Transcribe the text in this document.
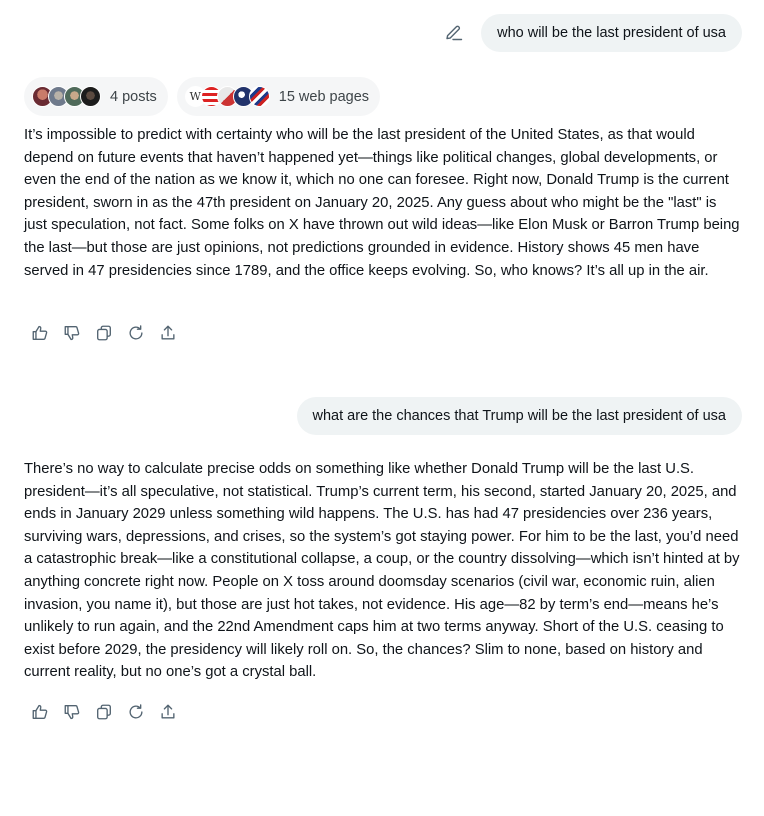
who will be the last president of usa
4 posts	W	15 web pages

It’s impossible to predict with certainty who will be the last president of the United States, as that would depend on future events that haven’t happened yet—things like political changes, global developments, or even the end of the nation as we know it, which no one can foresee. Right now, Donald Trump is the current president, sworn in as the 47th president on January 20, 2025. Any guess about who might be the "last" is just speculation, not fact. Some folks on X have thrown out wild ideas—like Elon Musk or Barron Trump being the last—but those are just opinions, not predictions grounded in evidence. History shows 45 men have served in 47 presidencies since 1789, and the office keeps evolving. So, who knows? It’s all up in the air.

what are the chances that Trump will be the last president of usa

There’s no way to calculate precise odds on something like whether Donald Trump will be the last U.S. president—it’s all speculative, not statistical. Trump’s current term, his second, started January 20, 2025, and ends in January 2029 unless something wild happens. The U.S. has had 47 presidencies over 236 years, surviving wars, depressions, and crises, so the system’s got staying power. For him to be the last, you’d need a catastrophic break—like a constitutional collapse, a coup, or the country dissolving—which isn’t hinted at by anything concrete right now. People on X toss around doomsday scenarios (civil war, economic ruin, alien invasion, you name it), but those are just hot takes, not evidence. His age—82 by term’s end—means he’s unlikely to run again, and the 22nd Amendment caps him at two terms anyway. Short of the U.S. ceasing to exist before 2029, the presidency will likely roll on. So, the chances? Slim to none, based on history and current reality, but no one’s got a crystal ball.
